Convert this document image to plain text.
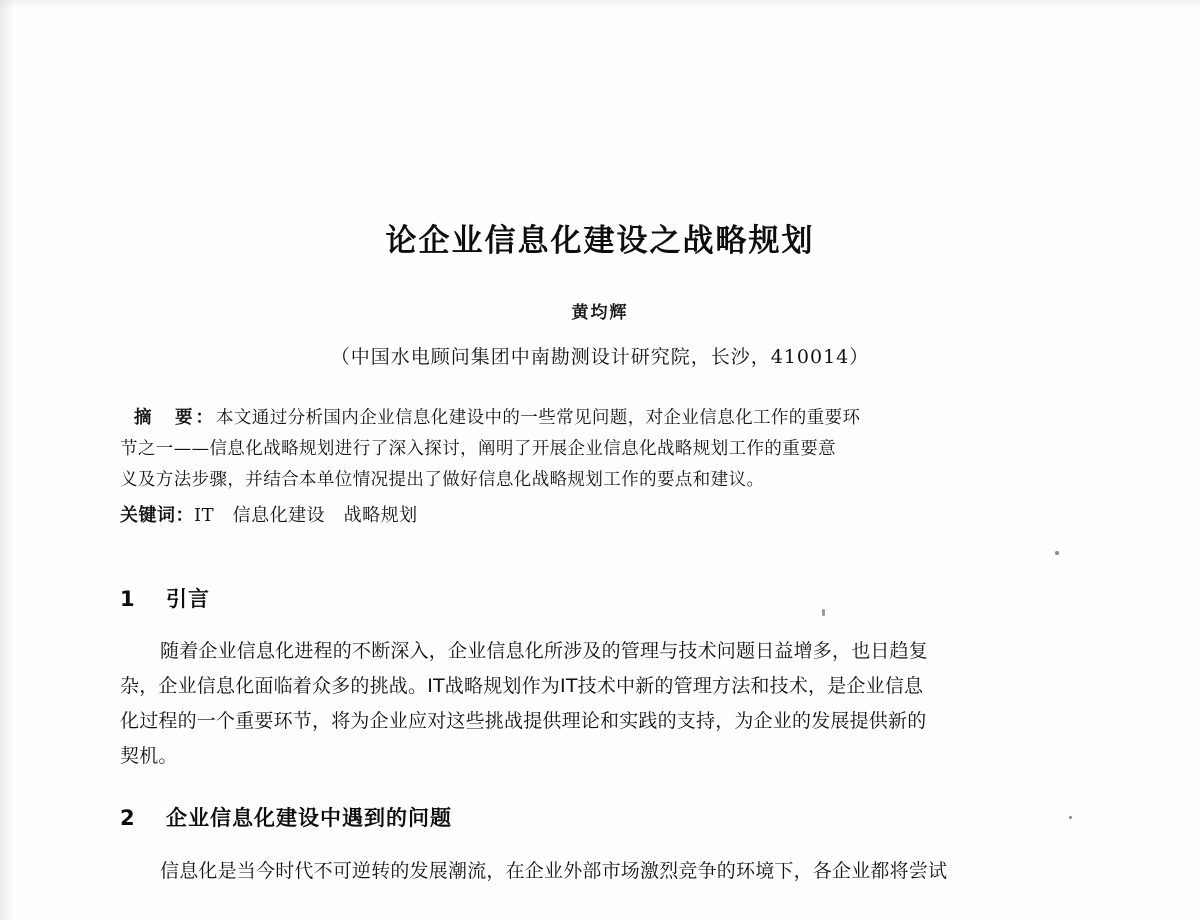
论企业信息化建设之战略规划
黄均辉
（中国水电顾问集团中南勘测设计研究院，长沙，410014）
摘　要：本文通过分析国内企业信息化建设中的一些常见问题，对企业信息化工作的重要环
节之一——信息化战略规划进行了深入探讨，阐明了开展企业信息化战略规划工作的重要意
义及方法步骤，并结合本单位情况提出了做好信息化战略规划工作的要点和建议。
关键词：IT　信息化建设　战略规划
1 引言
随着企业信息化进程的不断深入，企业信息化所涉及的管理与技术问题日益增多，也日趋复
杂，企业信息化面临着众多的挑战。IT战略规划作为IT技术中新的管理方法和技术，是企业信息
化过程的一个重要环节，将为企业应对这些挑战提供理论和实践的支持，为企业的发展提供新的
契机。
2 企业信息化建设中遇到的问题
信息化是当今时代不可逆转的发展潮流，在企业外部市场激烈竞争的环境下，各企业都将尝试
